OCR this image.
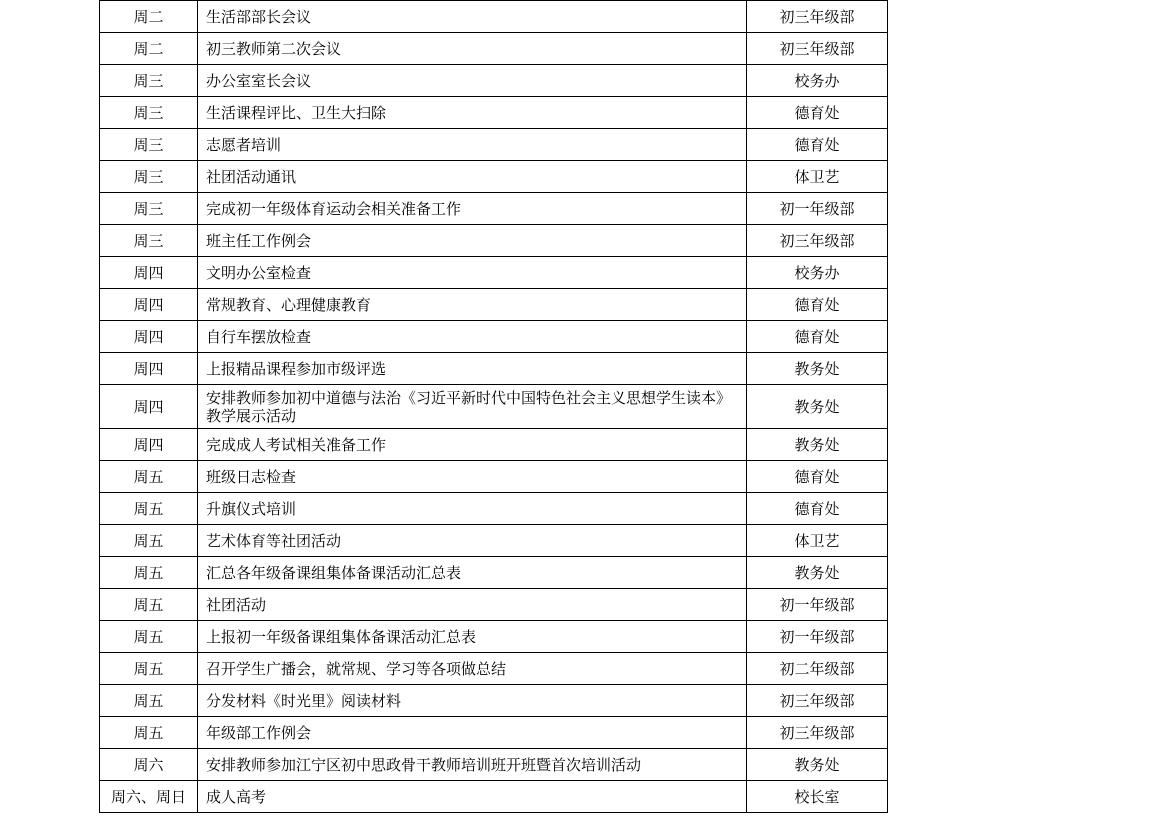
周二	生活部部长会议	初三年级部
周二	初三教师第二次会议	初三年级部
周三	办公室室长会议	校务办
周三	生活课程评比、卫生大扫除	德育处
周三	志愿者培训	德育处
周三	社团活动通讯	体卫艺
周三	完成初一年级体育运动会相关准备工作	初一年级部
周三	班主任工作例会	初三年级部
周四	文明办公室检查	校务办
周四	常规教育、心理健康教育	德育处
周四	自行车摆放检查	德育处
周四	上报精品课程参加市级评选	教务处
周四	安排教师参加初中道德与法治《习近平新时代中国特色社会主义思想学生读本》教学展示活动	教务处
周四	完成成人考试相关准备工作	教务处
周五	班级日志检查	德育处
周五	升旗仪式培训	德育处
周五	艺术体育等社团活动	体卫艺
周五	汇总各年级备课组集体备课活动汇总表	教务处
周五	社团活动	初一年级部
周五	上报初一年级备课组集体备课活动汇总表	初一年级部
周五	召开学生广播会，就常规、学习等各项做总结	初二年级部
周五	分发材料《时光里》阅读材料	初三年级部
周五	年级部工作例会	初三年级部
周六	安排教师参加江宁区初中思政骨干教师培训班开班暨首次培训活动	教务处
周六、周日	成人高考	校长室
